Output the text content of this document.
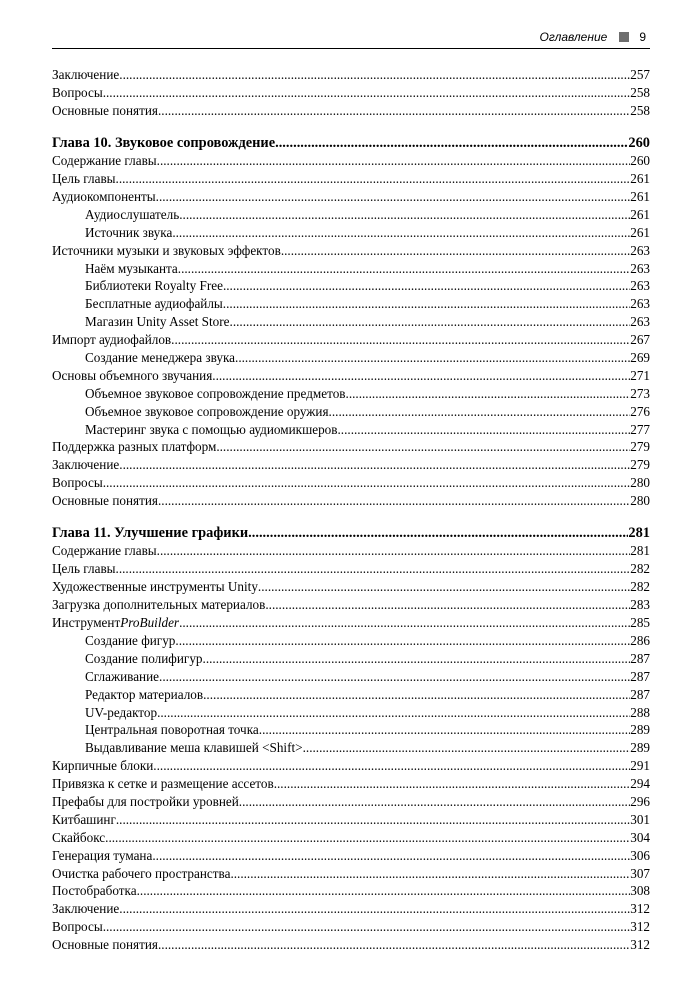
Оглавление	9
Заключение .....	257
Вопросы .....	258
Основные понятия .....	258
Глава 10. Звуковое сопровождение .....	260
Содержание главы .....	260
Цель главы .....	261
Аудиокомпоненты .....	261
Аудиослушатель .....	261
Источник звука .....	261
Источники музыки и звуковых эффектов .....	263
Наём музыканта .....	263
Библиотеки Royalty Free .....	263
Бесплатные аудиофайлы .....	263
Магазин Unity Asset Store .....	263
Импорт аудиофайлов .....	267
Создание менеджера звука .....	269
Основы объемного звучания .....	271
Объемное звуковое сопровождение предметов .....	273
Объемное звуковое сопровождение оружия .....	276
Мастеринг звука с помощью аудиомикшеров .....	277
Поддержка разных платформ .....	279
Заключение .....	279
Вопросы .....	280
Основные понятия .....	280
Глава 11. Улучшение графики .....	281
Содержание главы .....	281
Цель главы .....	282
Художественные инструменты Unity .....	282
Загрузка дополнительных материалов .....	283
Инструмент ProBuilder .....	285
Создание фигур .....	286
Создание полифигур .....	287
Сглаживание .....	287
Редактор материалов .....	287
UV-редактор .....	288
Центральная поворотная точка .....	289
Выдавливание меша клавишей <Shift> .....	289
Кирпичные блоки .....	291
Привязка к сетке и размещение ассетов .....	294
Префабы для постройки уровней .....	296
Китбашинг .....	301
Скайбокс .....	304
Генерация тумана .....	306
Очистка рабочего пространства .....	307
Постобработка .....	308
Заключение .....	312
Вопросы .....	312
Основные понятия .....	312
